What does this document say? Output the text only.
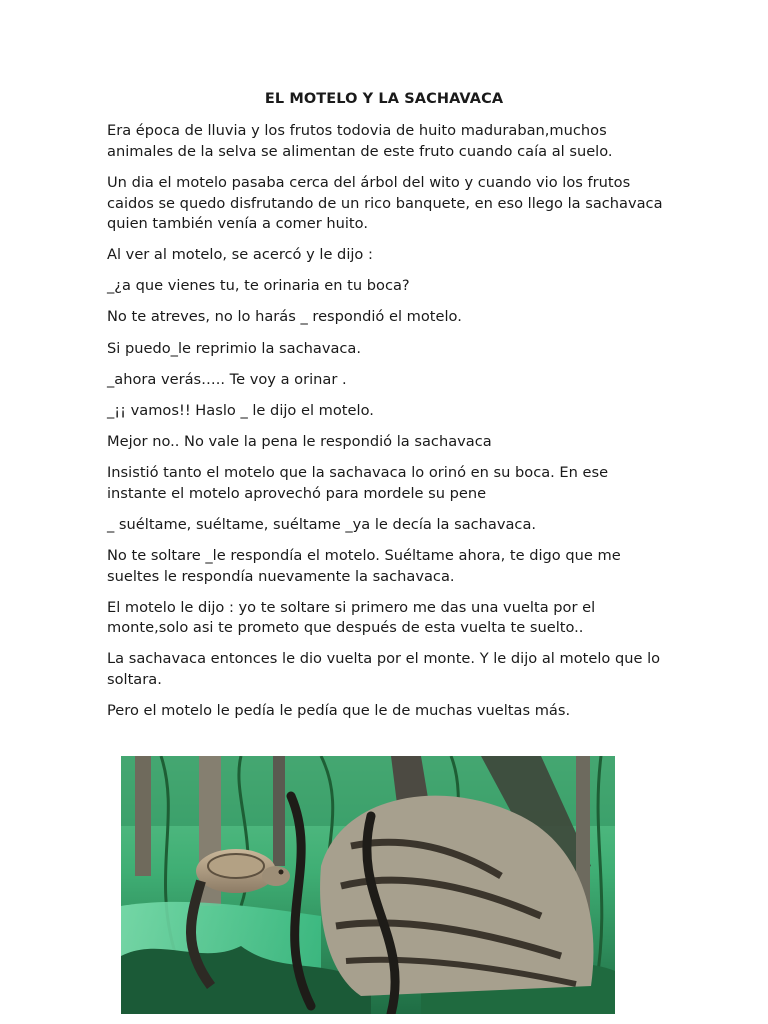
EL MOTELO Y LA SACHAVACA

Era época de lluvia y los frutos todovia de huito maduraban,muchos animales de la selva se alimentan de este fruto cuando caía al suelo.

Un dia el motelo pasaba cerca del árbol del wito y cuando vio los frutos caidos se quedo disfrutando de un rico banquete, en eso llego la sachavaca quien también venía a comer huito.

Al ver al motelo, se acercó y le dijo :

_¿a que vienes tu, te orinaria en tu boca?

No te atreves, no lo harás _ respondió el motelo.

Si puedo_le reprimio la sachavaca.

_ahora verás….. Te voy a orinar .

_¡¡ vamos!! Haslo _ le dijo el motelo.

Mejor no.. No vale la pena le respondió la sachavaca

Insistió tanto el motelo que la sachavaca lo orinó en su boca. En ese instante el motelo aprovechó para mordele su pene

_ suéltame, suéltame, suéltame _ya le decía la sachavaca.

No te soltare _le respondía el motelo. Suéltame ahora, te digo que me sueltes le respondía nuevamente la sachavaca.

El motelo le dijo : yo te soltare si primero me das una vuelta por el monte,solo asi te prometo que después de esta vuelta te suelto..

La sachavaca entonces le dio vuelta por el monte. Y le dijo al motelo que lo soltara.

Pero el motelo le pedía le pedía que le de muchas vueltas más.
